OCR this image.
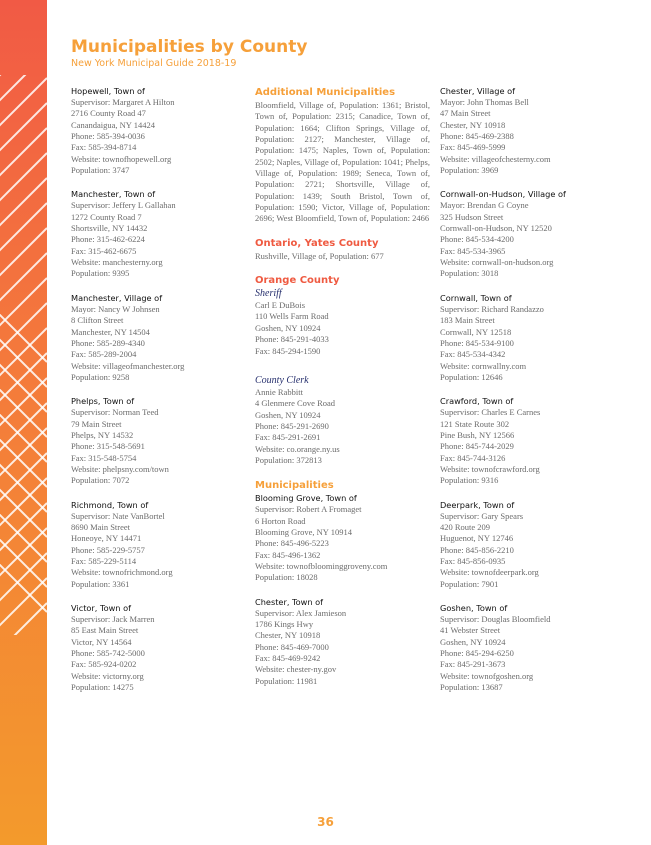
Municipalities by County
New York Municipal Guide 2018-19
Hopewell, Town of
Supervisor: Margaret A Hilton
2716 County Road 47
Canandaigua, NY 14424
Phone: 585-394-0036
Fax: 585-394-8714
Website: townofhopewell.org
Population: 3747
Manchester, Town of
Supervisor: Jeffery L Gallahan
1272 County Road 7
Shortsville, NY 14432
Phone: 315-462-6224
Fax: 315-462-6675
Website: manchesterny.org
Population: 9395
Manchester, Village of
Mayor: Nancy W Johnsen
8 Clifton Street
Manchester, NY 14504
Phone: 585-289-4340
Fax: 585-289-2004
Website: villageofmanchester.org
Population: 9258
Phelps, Town of
Supervisor: Norman Teed
79 Main Street
Phelps, NY 14532
Phone: 315-548-5691
Fax: 315-548-5754
Website: phelpsny.com/town
Population: 7072
Richmond, Town of
Supervisor: Nate VanBortel
8690 Main Street
Honeoye, NY 14471
Phone: 585-229-5757
Fax: 585-229-5114
Website: townofrichmond.org
Population: 3361
Victor, Town of
Supervisor: Jack Marren
85 East Main Street
Victor, NY 14564
Phone: 585-742-5000
Fax: 585-924-0202
Website: victorny.org
Population: 14275
Additional Municipalities
Bloomfield, Village of, Population: 1361; Bristol, Town of, Population: 2315; Canadice, Town of, Population: 1664; Clifton Springs, Village of, Population: 2127; Manchester, Village of, Population: 1475; Naples, Town of, Population: 2502; Naples, Village of, Population: 1041; Phelps, Village of, Population: 1989; Seneca, Town of, Population: 2721; Shortsville, Village of, Population: 1439; South Bristol, Town of, Population: 1590; Victor, Village of, Population: 2696; West Bloomfield, Town of, Population: 2466
Ontario, Yates County
Rushville, Village of, Population: 677
Orange County
Sheriff
Carl E DuBois
110 Wells Farm Road
Goshen, NY 10924
Phone: 845-291-4033
Fax: 845-294-1590
County Clerk
Annie Rabbitt
4 Glenmere Cove Road
Goshen, NY 10924
Phone: 845-291-2690
Fax: 845-291-2691
Website: co.orange.ny.us
Population: 372813
Municipalities
Blooming Grove, Town of
Supervisor: Robert A Fromaget
6 Horton Road
Blooming Grove, NY 10914
Phone: 845-496-5223
Fax: 845-496-1362
Website: townofbloominggroveny.com
Population: 18028
Chester, Town of
Supervisor: Alex Jamieson
1786 Kings Hwy
Chester, NY 10918
Phone: 845-469-7000
Fax: 845-469-9242
Website: chester-ny.gov
Population: 11981
Chester, Village of
Mayor: John Thomas Bell
47 Main Street
Chester, NY 10918
Phone: 845-469-2388
Fax: 845-469-5999
Website: villageofchesterny.com
Population: 3969
Cornwall-on-Hudson, Village of
Mayor: Brendan G Coyne
325 Hudson Street
Cornwall-on-Hudson, NY 12520
Phone: 845-534-4200
Fax: 845-534-3965
Website: cornwall-on-hudson.org
Population: 3018
Cornwall, Town of
Supervisor: Richard Randazzo
183 Main Street
Cornwall, NY 12518
Phone: 845-534-9100
Fax: 845-534-4342
Website: cornwallny.com
Population: 12646
Crawford, Town of
Supervisor: Charles E Carnes
121 State Route 302
Pine Bush, NY 12566
Phone: 845-744-2029
Fax: 845-744-3126
Website: townofcrawford.org
Population: 9316
Deerpark, Town of
Supervisor: Gary Spears
420 Route 209
Huguenot, NY 12746
Phone: 845-856-2210
Fax: 845-856-0935
Website: townofdeerpark.org
Population: 7901
Goshen, Town of
Supervisor: Douglas Bloomfield
41 Webster Street
Goshen, NY 10924
Phone: 845-294-6250
Fax: 845-291-3673
Website: townofgoshen.org
Population: 13687
36
